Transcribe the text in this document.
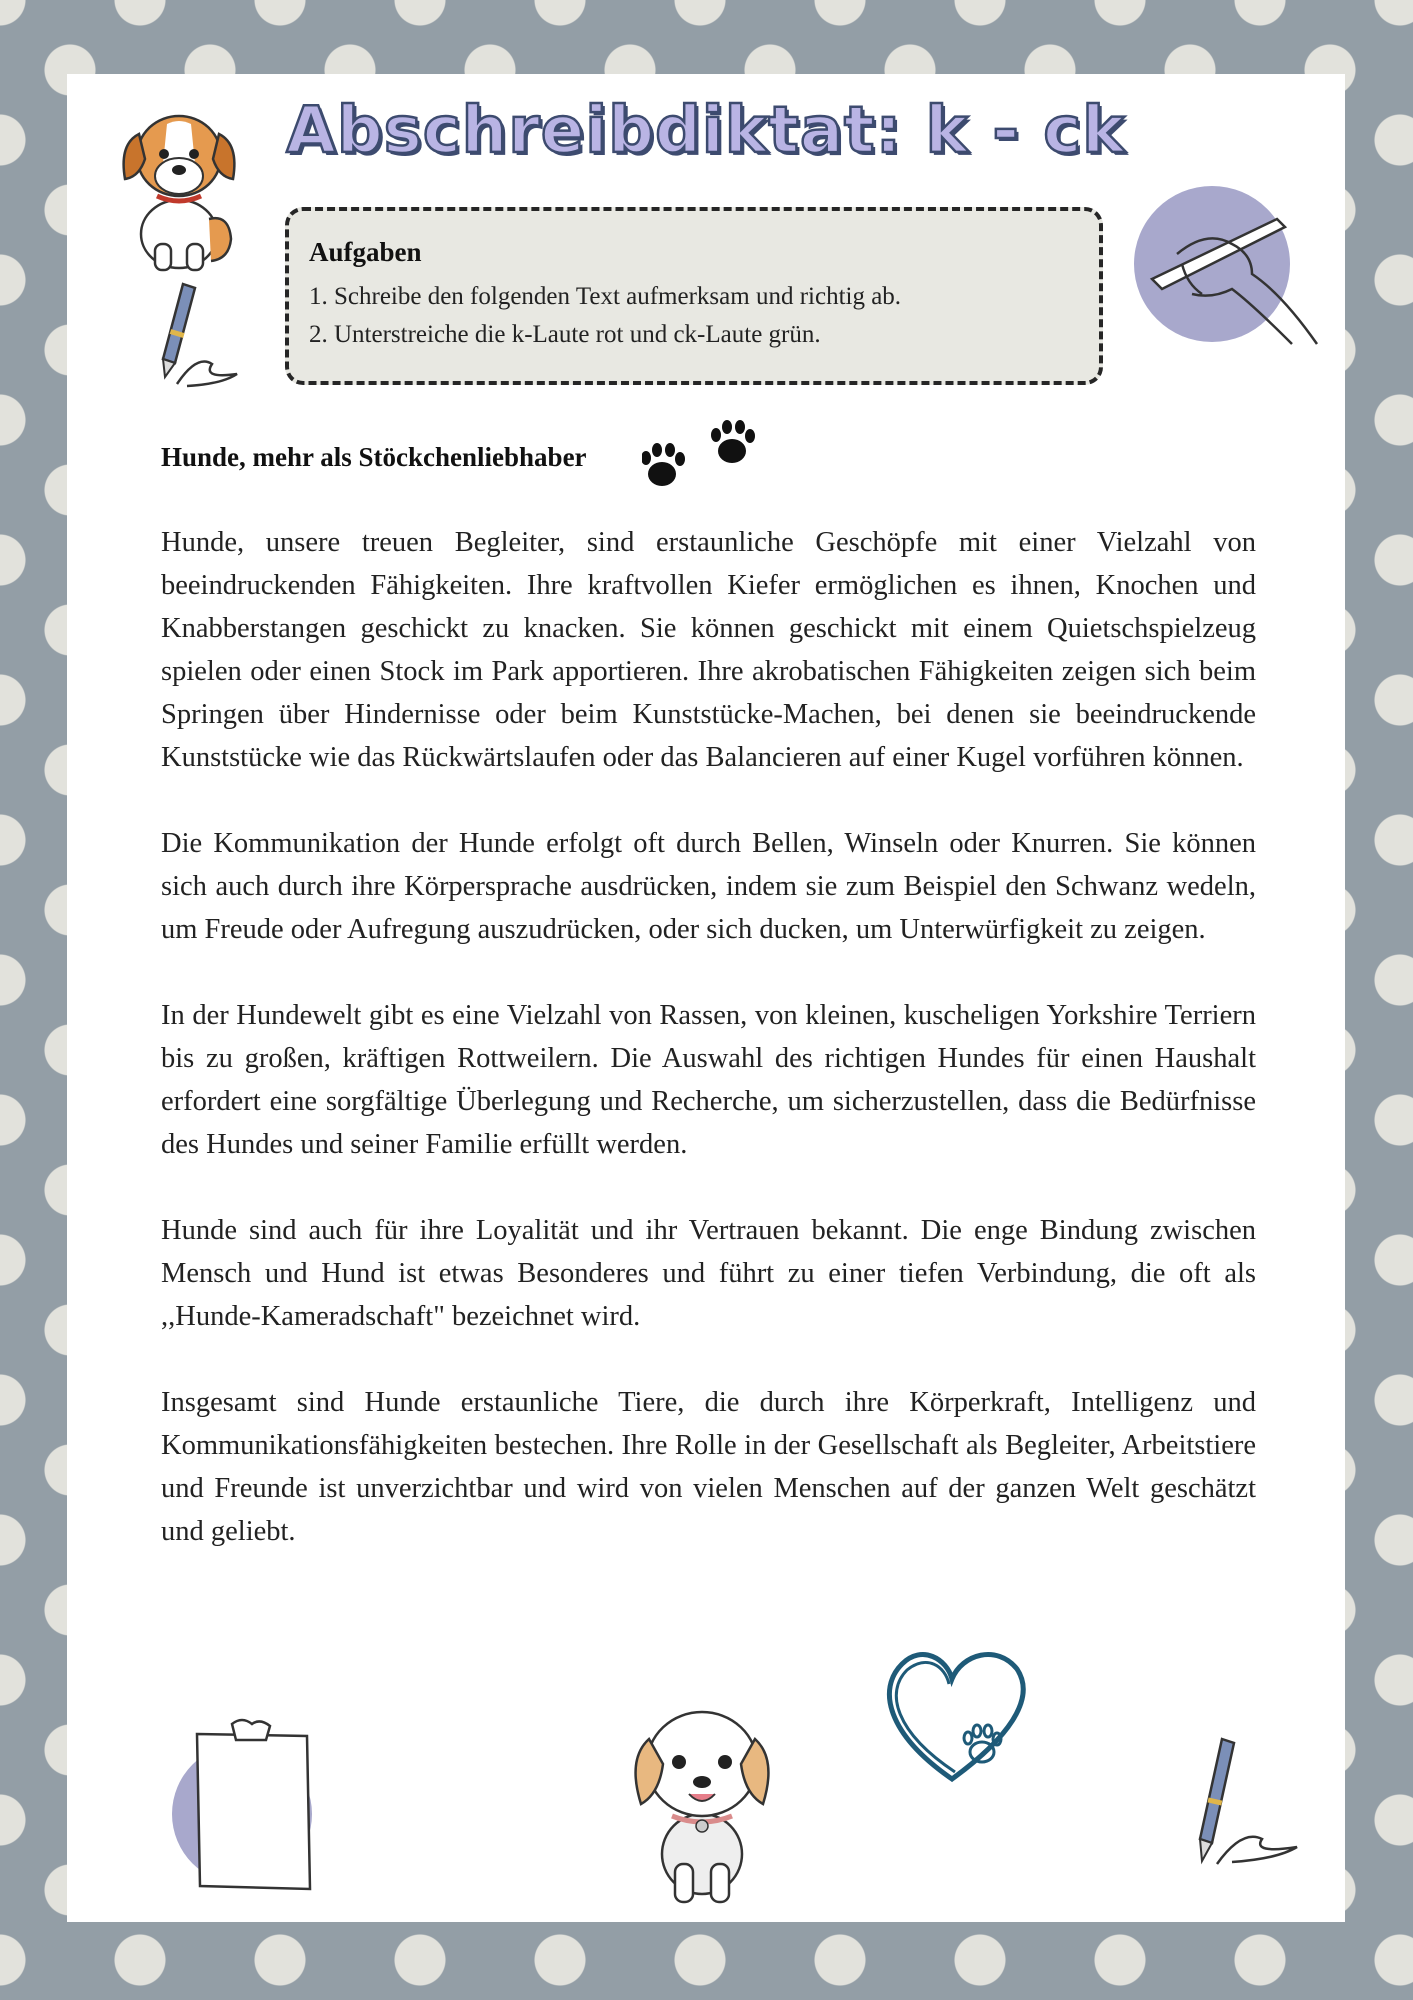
Abschreibdiktat: k - ck

Aufgaben

1. Schreibe den folgenden Text aufmerksam und richtig ab.

2. Unterstreiche die k-Laute rot und ck-Laute grün.

Hunde, mehr als Stöckchenliebhaber

Hunde, unsere treuen Begleiter, sind erstaunliche Geschöpfe mit einer Vielzahl von beeindruckenden Fähigkeiten. Ihre kraftvollen Kiefer ermöglichen es ihnen, Knochen und Knabberstangen geschickt zu knacken. Sie können geschickt mit einem Quietschspielzeug spielen oder einen Stock im Park apportieren. Ihre akrobatischen Fähigkeiten zeigen sich beim Springen über Hindernisse oder beim Kunststücke-Machen, bei denen sie beeindruckende Kunststücke wie das Rückwärtslaufen oder das Balancieren auf einer Kugel vorführen können.

Die Kommunikation der Hunde erfolgt oft durch Bellen, Winseln oder Knurren. Sie können sich auch durch ihre Körpersprache ausdrücken, indem sie zum Beispiel den Schwanz wedeln, um Freude oder Aufregung auszudrücken, oder sich ducken, um Unterwürfigkeit zu zeigen.

In der Hundewelt gibt es eine Vielzahl von Rassen, von kleinen, kuscheligen Yorkshire Terriern bis zu großen, kräftigen Rottweilern. Die Auswahl des richtigen Hundes für einen Haushalt erfordert eine sorgfältige Überlegung und Recherche, um sicherzustellen, dass die Bedürfnisse des Hundes und seiner Familie erfüllt werden.

Hunde sind auch für ihre Loyalität und ihr Vertrauen bekannt. Die enge Bindung zwischen Mensch und Hund ist etwas Besonderes und führt zu einer tiefen Verbindung, die oft als ,,Hunde-Kameradschaft" bezeichnet wird.

Insgesamt sind Hunde erstaunliche Tiere, die durch ihre Körperkraft, Intelligenz und Kommunikationsfähigkeiten bestechen. Ihre Rolle in der Gesellschaft als Begleiter, Arbeitstiere und Freunde ist unverzichtbar und wird von vielen Menschen auf der ganzen Welt geschätzt und geliebt.
